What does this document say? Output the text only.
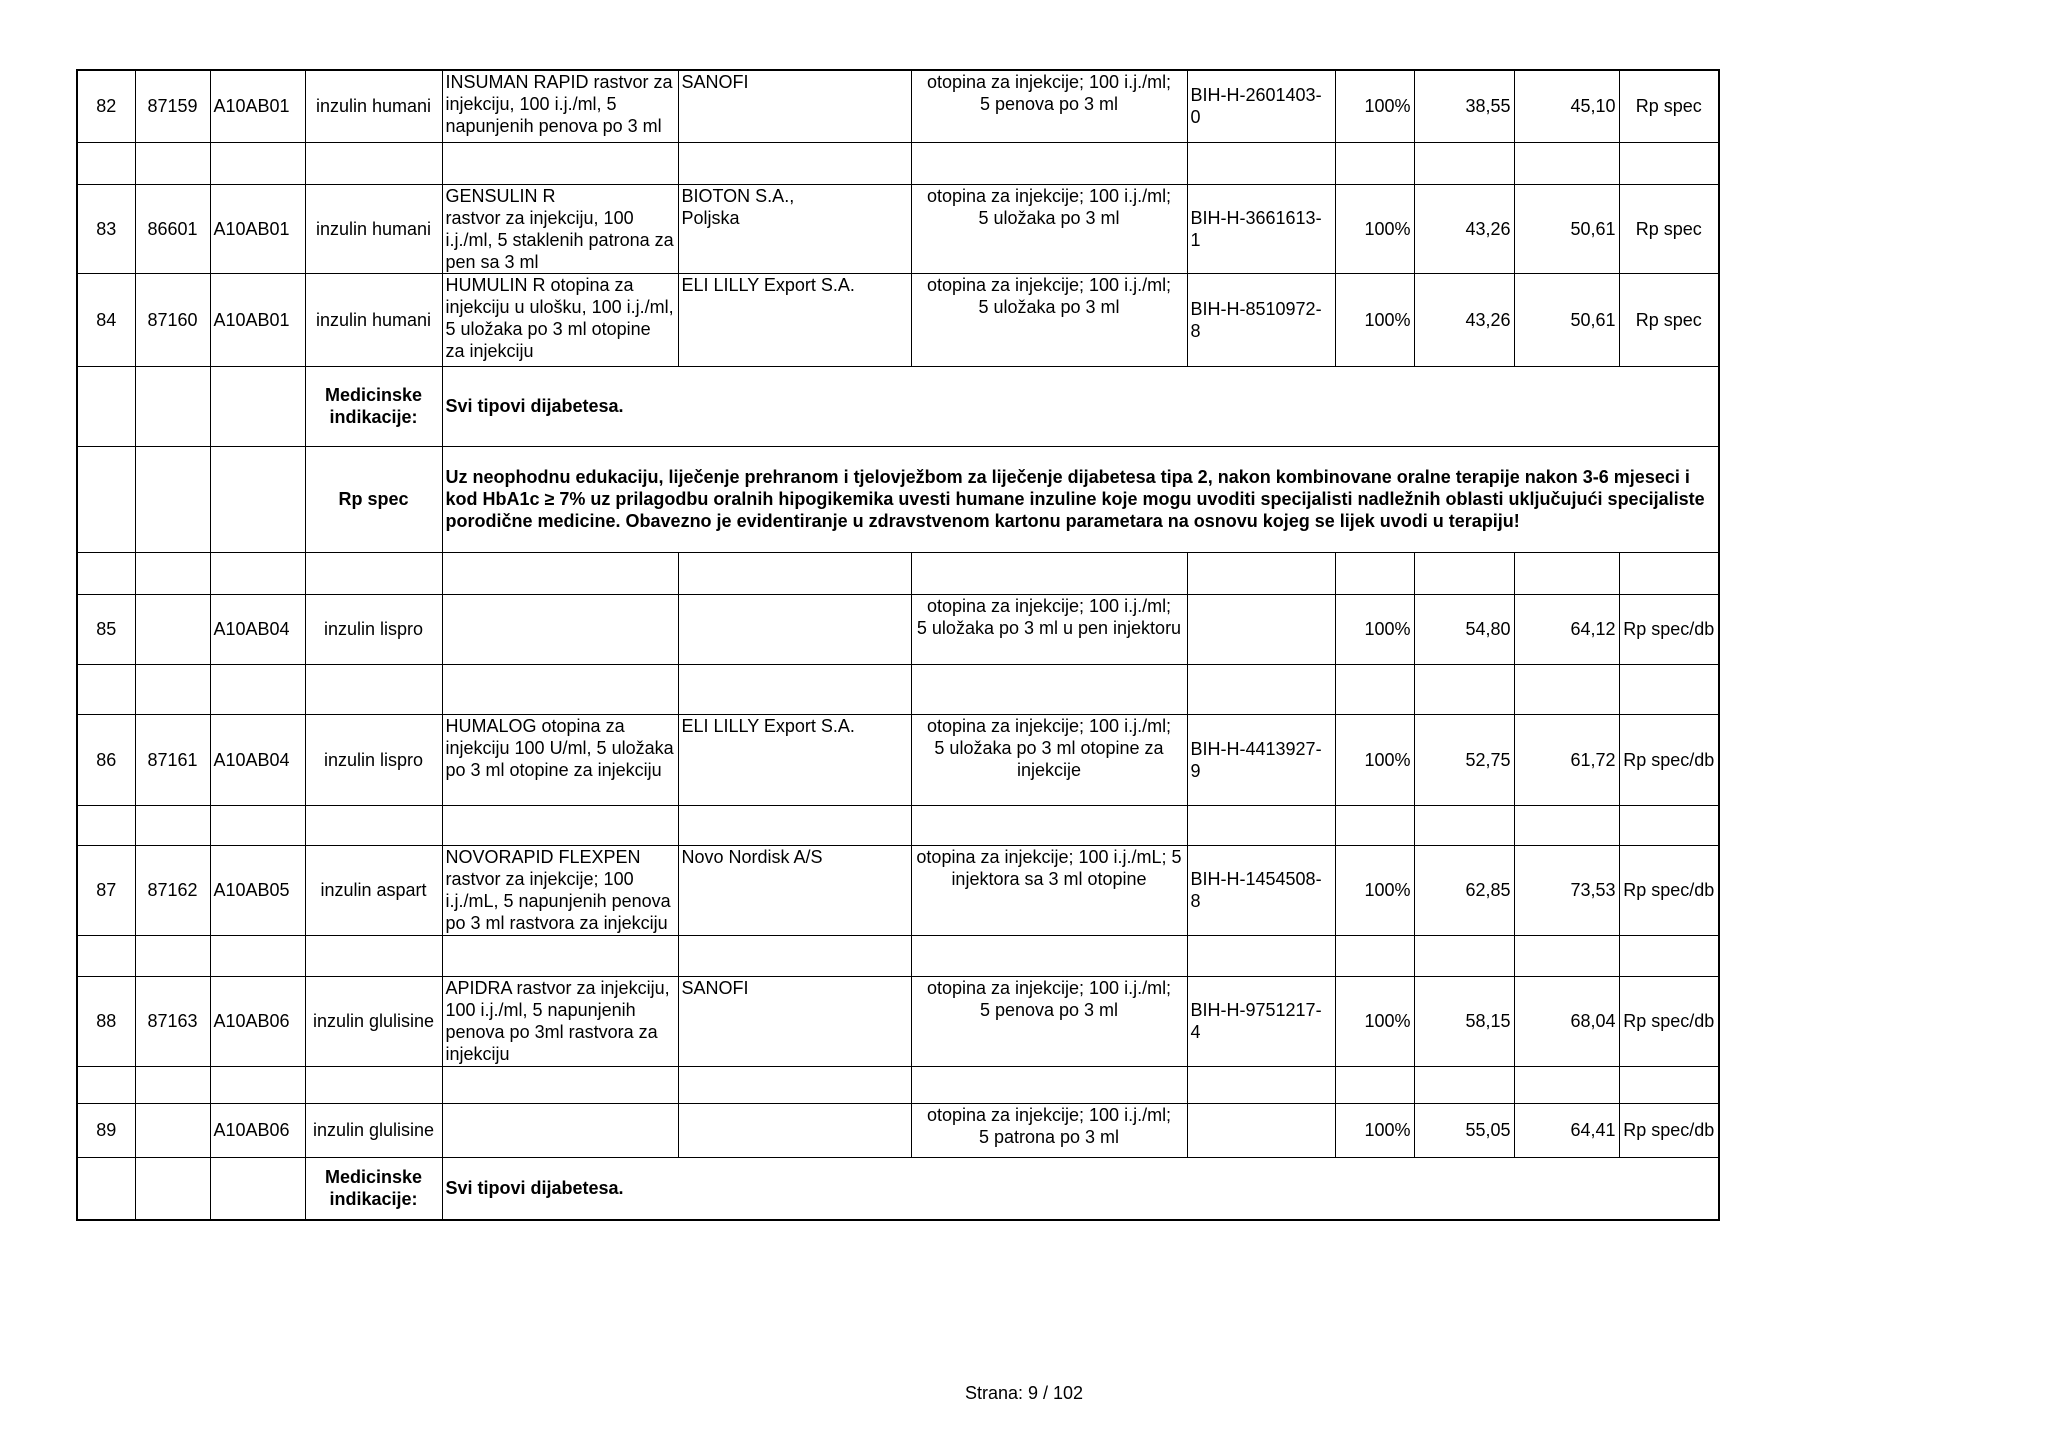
82	87159	A10AB01	inzulin humani	INSUMAN RAPID rastvor za injekciju, 100 i.j./ml, 5 napunjenih penova po 3 ml	SANOFI	otopina za injekcije; 100 i.j./ml;
5 penova po 3 ml	BIH-H-2601403-0	100%	38,55	45,10	Rp spec

83	86601	A10AB01	inzulin humani	GENSULIN R
rastvor za injekciju, 100 i.j./ml, 5 staklenih patrona za pen sa 3 ml	BIOTON S.A.,
Poljska	otopina za injekcije; 100 i.j./ml;
5 uložaka po 3 ml	BIH-H-3661613-1	100%	43,26	50,61	Rp spec
84	87160	A10AB01	inzulin humani	HUMULIN R otopina za injekciju u ulošku, 100 i.j./ml, 5 uložaka po 3 ml otopine za injekciju	ELI LILLY Export S.A.	otopina za injekcije; 100 i.j./ml;
5 uložaka po 3 ml	BIH-H-8510972-8	100%	43,26	50,61	Rp spec
			Medicinske indikacije:	Svi tipovi dijabetesa.							
			Rp spec	Uz neophodnu edukaciju, liječenje prehranom i tjelovježbom za liječenje dijabetesa tipa 2, nakon kombinovane oralne terapije nakon 3-6 mjeseci i kod HbA1c ≥ 7% uz prilagodbu oralnih hipogikemika uvesti humane inzuline koje mogu uvoditi specijalisti nadležnih oblasti uključujući specijaliste porodične medicine. Obavezno je evidentiranje u zdravstvenom kartonu parametara na osnovu kojeg se lijek uvodi u terapiju!							

85		A10AB04	inzulin lispro			otopina za injekcije; 100 i.j./ml;
5 uložaka po 3 ml u pen injektoru		100%	54,80	64,12	Rp spec/db

86	87161	A10AB04	inzulin lispro	HUMALOG otopina za injekciju 100 U/ml, 5 uložaka po 3 ml otopine za injekciju	ELI LILLY Export S.A.	otopina za injekcije; 100 i.j./ml;
5 uložaka po 3 ml otopine za injekcije	BIH-H-4413927-9	100%	52,75	61,72	Rp spec/db

87	87162	A10AB05	inzulin aspart	NOVORAPID FLEXPEN rastvor za injekcije; 100 i.j./mL, 5 napunjenih penova po 3 ml rastvora za injekciju	Novo Nordisk A/S	otopina za injekcije; 100 i.j./mL; 5 injektora sa 3 ml otopine	BIH-H-1454508-8	100%	62,85	73,53	Rp spec/db

88	87163	A10AB06	inzulin glulisine	APIDRA rastvor za injekciju, 100 i.j./ml, 5 napunjenih penova po 3ml rastvora za injekciju	SANOFI	otopina za injekcije; 100 i.j./ml;
5 penova po 3 ml	BIH-H-9751217-4	100%	58,15	68,04	Rp spec/db

89		A10AB06	inzulin glulisine			otopina za injekcije; 100 i.j./ml;
5 patrona po 3 ml		100%	55,05	64,41	Rp spec/db
			Medicinske indikacije:	Svi tipovi dijabetesa.							
Strana: 9 / 102
